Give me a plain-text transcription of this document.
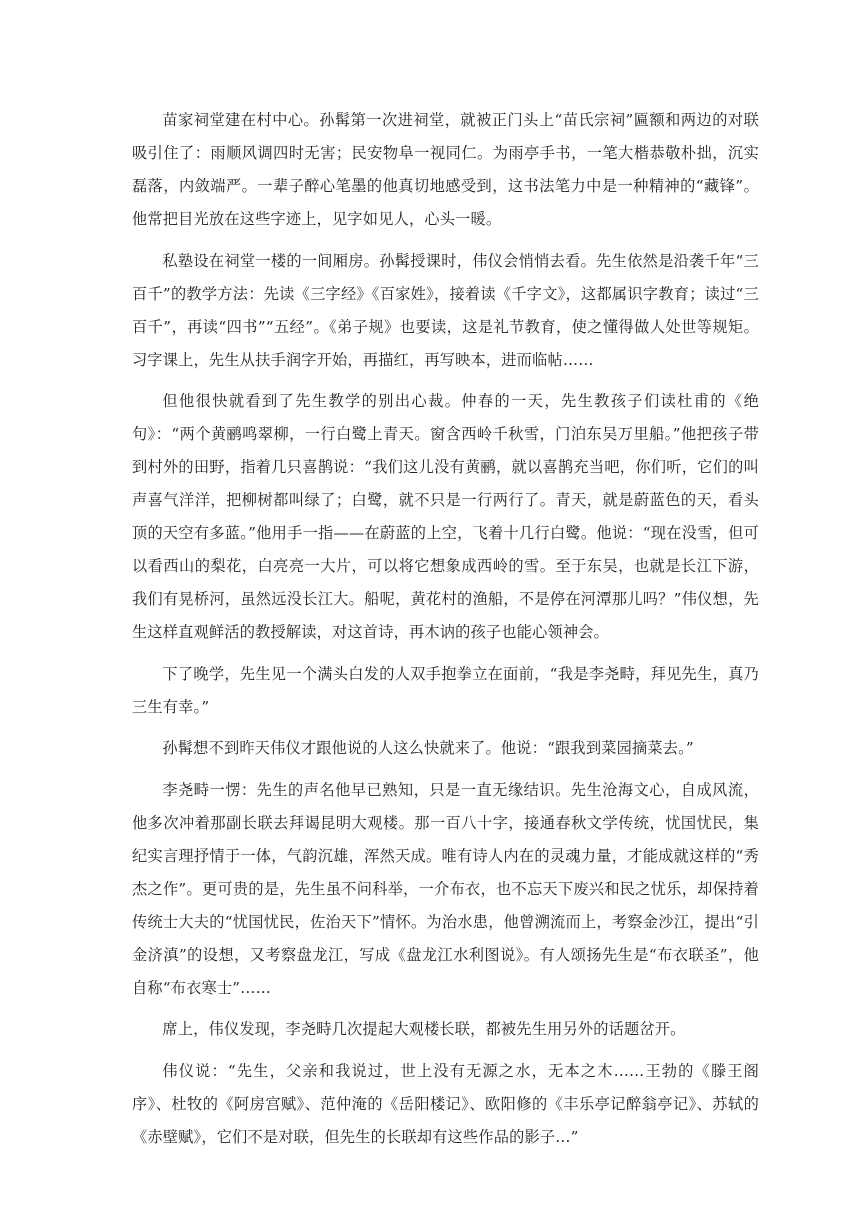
苗家祠堂建在村中心。孙髯第一次进祠堂，就被正门头上“苗氏宗祠”匾额和两边的对联吸引住了：雨顺风调四时无害；民安物阜一视同仁。为雨亭手书，一笔大楷恭敬朴拙，沉实磊落，内敛端严。一辈子醉心笔墨的他真切地感受到，这书法笔力中是一种精神的“藏锋”。他常把目光放在这些字迹上，见字如见人，心头一暖。

私塾设在祠堂一楼的一间厢房。孙髯授课时，伟仪会悄悄去看。先生依然是沿袭千年“三百千”的教学方法：先读《三字经》《百家姓》，接着读《千字文》，这都属识字教育；读过“三百千”，再读“四书”“五经”。《弟子规》也要读，这是礼节教育，使之懂得做人处世等规矩。习字课上，先生从扶手润字开始，再描红，再写映本，进而临帖……

但他很快就看到了先生教学的别出心裁。仲春的一天，先生教孩子们读杜甫的《绝句》：“两个黄鹂鸣翠柳，一行白鹭上青天。窗含西岭千秋雪，门泊东吴万里船。”他把孩子带到村外的田野，指着几只喜鹊说：“我们这儿没有黄鹂，就以喜鹊充当吧，你们听，它们的叫声喜气洋洋，把柳树都叫绿了；白鹭，就不只是一行两行了。青天，就是蔚蓝色的天，看头顶的天空有多蓝。”他用手一指——在蔚蓝的上空，飞着十几行白鹭。他说：“现在没雪，但可以看西山的梨花，白亮亮一大片，可以将它想象成西岭的雪。至于东吴，也就是长江下游，我们有晃桥河，虽然远没长江大。船呢，黄花村的渔船，不是停在河潭那儿吗？”伟仪想，先生这样直观鲜活的教授解读，对这首诗，再木讷的孩子也能心领神会。

下了晚学，先生见一个满头白发的人双手抱拳立在面前，“我是李尧畤，拜见先生，真乃三生有幸。”

孙髯想不到昨天伟仪才跟他说的人这么快就来了。他说：“跟我到菜园摘菜去。”

李尧畤一愣：先生的声名他早已熟知，只是一直无缘结识。先生沧海文心，自成风流，他多次冲着那副长联去拜谒昆明大观楼。那一百八十字，接通春秋文学传统，忧国忧民，集纪实言理抒情于一体，气韵沉雄，浑然天成。唯有诗人内在的灵魂力量，才能成就这样的“秀杰之作”。更可贵的是，先生虽不问科举，一介布衣，也不忘天下废兴和民之忧乐，却保持着传统士大夫的“忧国忧民，佐治天下”情怀。为治水患，他曾溯流而上，考察金沙江，提出“引金济滇”的设想，又考察盘龙江，写成《盘龙江水利图说》。有人颂扬先生是“布衣联圣”，他自称“布衣寒士”……

席上，伟仪发现，李尧畤几次提起大观楼长联，都被先生用另外的话题岔开。

伟仪说：“先生，父亲和我说过，世上没有无源之水，无本之木……王勃的《滕王阁序》、杜牧的《阿房宫赋》、范仲淹的《岳阳楼记》、欧阳修的《丰乐亭记醉翁亭记》、苏轼的《赤壁赋》，它们不是对联，但先生的长联却有这些作品的影子…”
